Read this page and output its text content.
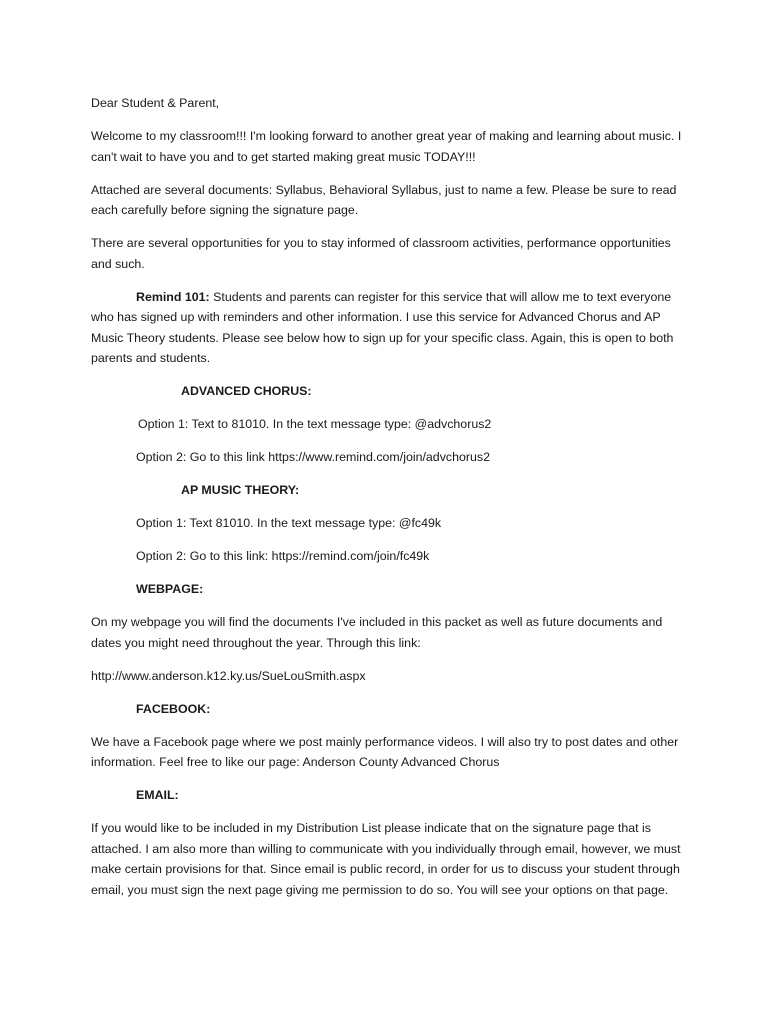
Dear Student & Parent,

Welcome to my classroom!!! I'm looking forward to another great year of making and learning about music. I can't wait to have you and to get started making great music TODAY!!!

Attached are several documents: Syllabus, Behavioral Syllabus, just to name a few. Please be sure to read each carefully before signing the signature page.

There are several opportunities for you to stay informed of classroom activities, performance opportunities and such.

Remind 101: Students and parents can register for this service that will allow me to text everyone who has signed up with reminders and other information. I use this service for Advanced Chorus and AP Music Theory students. Please see below how to sign up for your specific class. Again, this is open to both parents and students.

ADVANCED CHORUS:

Option 1: Text to 81010. In the text message type: @advchorus2

Option 2: Go to this link https://www.remind.com/join/advchorus2

AP MUSIC THEORY:

Option 1: Text 81010. In the text message type: @fc49k

Option 2: Go to this link: https://remind.com/join/fc49k

WEBPAGE:

On my webpage you will find the documents I've included in this packet as well as future documents and dates you might need throughout the year. Through this link:

http://www.anderson.k12.ky.us/SueLouSmith.aspx

FACEBOOK:

We have a Facebook page where we post mainly performance videos. I will also try to post dates and other information. Feel free to like our page: Anderson County Advanced Chorus

EMAIL:

If you would like to be included in my Distribution List please indicate that on the signature page that is attached. I am also more than willing to communicate with you individually through email, however, we must make certain provisions for that. Since email is public record, in order for us to discuss your student through email, you must sign the next page giving me permission to do so. You will see your options on that page.
